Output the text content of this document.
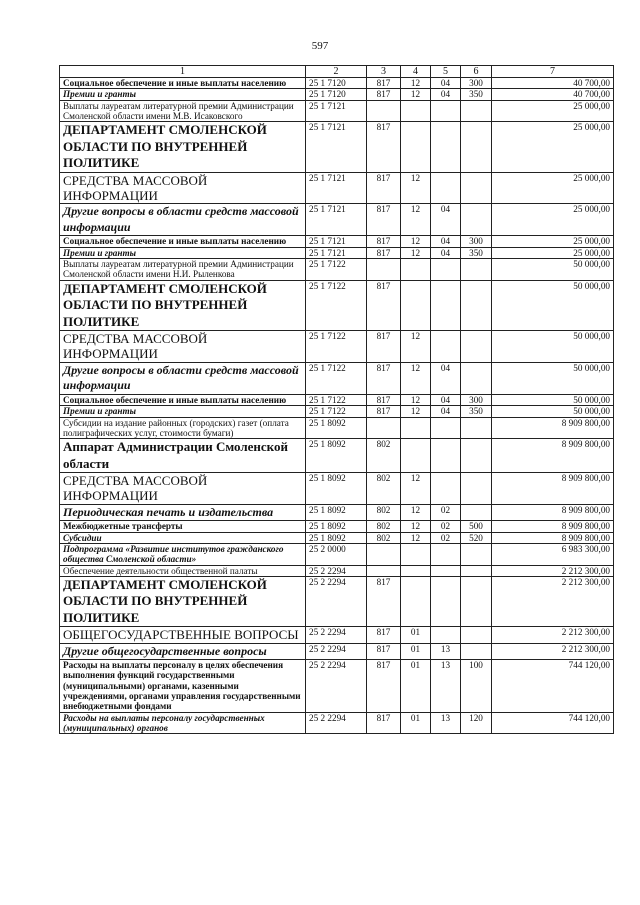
597
1	2	3	4	5	6	7
Социальное обеспечение и иные выплаты населению	25 1 7120	817	12	04	300	40 700,00
Премии и гранты	25 1 7120	817	12	04	350	40 700,00
Выплаты лауреатам литературной премии Администрации Смоленской области имени М.В. Исаковского	25 1 7121					25 000,00
ДЕПАРТАМЕНТ СМОЛЕНСКОЙ ОБЛАСТИ ПО ВНУТРЕННЕЙ ПОЛИТИКЕ	25 1 7121	817				25 000,00
СРЕДСТВА МАССОВОЙ ИНФОРМАЦИИ	25 1 7121	817	12			25 000,00
Другие вопросы в области средств массовой информации	25 1 7121	817	12	04		25 000,00
Социальное обеспечение и иные выплаты населению	25 1 7121	817	12	04	300	25 000,00
Премии и гранты	25 1 7121	817	12	04	350	25 000,00
Выплаты лауреатам литературной премии Администрации Смоленской области имени Н.И. Рыленкова	25 1 7122					50 000,00
ДЕПАРТАМЕНТ СМОЛЕНСКОЙ ОБЛАСТИ ПО ВНУТРЕННЕЙ ПОЛИТИКЕ	25 1 7122	817				50 000,00
СРЕДСТВА МАССОВОЙ ИНФОРМАЦИИ	25 1 7122	817	12			50 000,00
Другие вопросы в области средств массовой информации	25 1 7122	817	12	04		50 000,00
Социальное обеспечение и иные выплаты населению	25 1 7122	817	12	04	300	50 000,00
Премии и гранты	25 1 7122	817	12	04	350	50 000,00
Субсидии на издание районных (городских) газет (оплата полиграфических услуг, стоимости бумаги)	25 1 8092					8 909 800,00
Аппарат Администрации Смоленской области	25 1 8092	802				8 909 800,00
СРЕДСТВА МАССОВОЙ ИНФОРМАЦИИ	25 1 8092	802	12			8 909 800,00
Периодическая печать и издательства	25 1 8092	802	12	02		8 909 800,00
Межбюджетные трансферты	25 1 8092	802	12	02	500	8 909 800,00
Субсидии	25 1 8092	802	12	02	520	8 909 800,00
Подпрограмма «Развитие институтов гражданского общества Смоленской области»	25 2 0000					6 983 300,00
Обеспечение деятельности общественной палаты	25 2 2294					2 212 300,00
ДЕПАРТАМЕНТ СМОЛЕНСКОЙ ОБЛАСТИ ПО ВНУТРЕННЕЙ ПОЛИТИКЕ	25 2 2294	817				2 212 300,00
ОБЩЕГОСУДАРСТВЕННЫЕ ВОПРОСЫ	25 2 2294	817	01			2 212 300,00
Другие общегосударственные вопросы	25 2 2294	817	01	13		2 212 300,00
Расходы на выплаты персоналу в целях обеспечения выполнения функций государственными (муниципальными) органами, казенными учреждениями, органами управления государственными внебюджетными фондами	25 2 2294	817	01	13	100	744 120,00
Расходы на выплаты персоналу государственных (муниципальных) органов	25 2 2294	817	01	13	120	744 120,00
